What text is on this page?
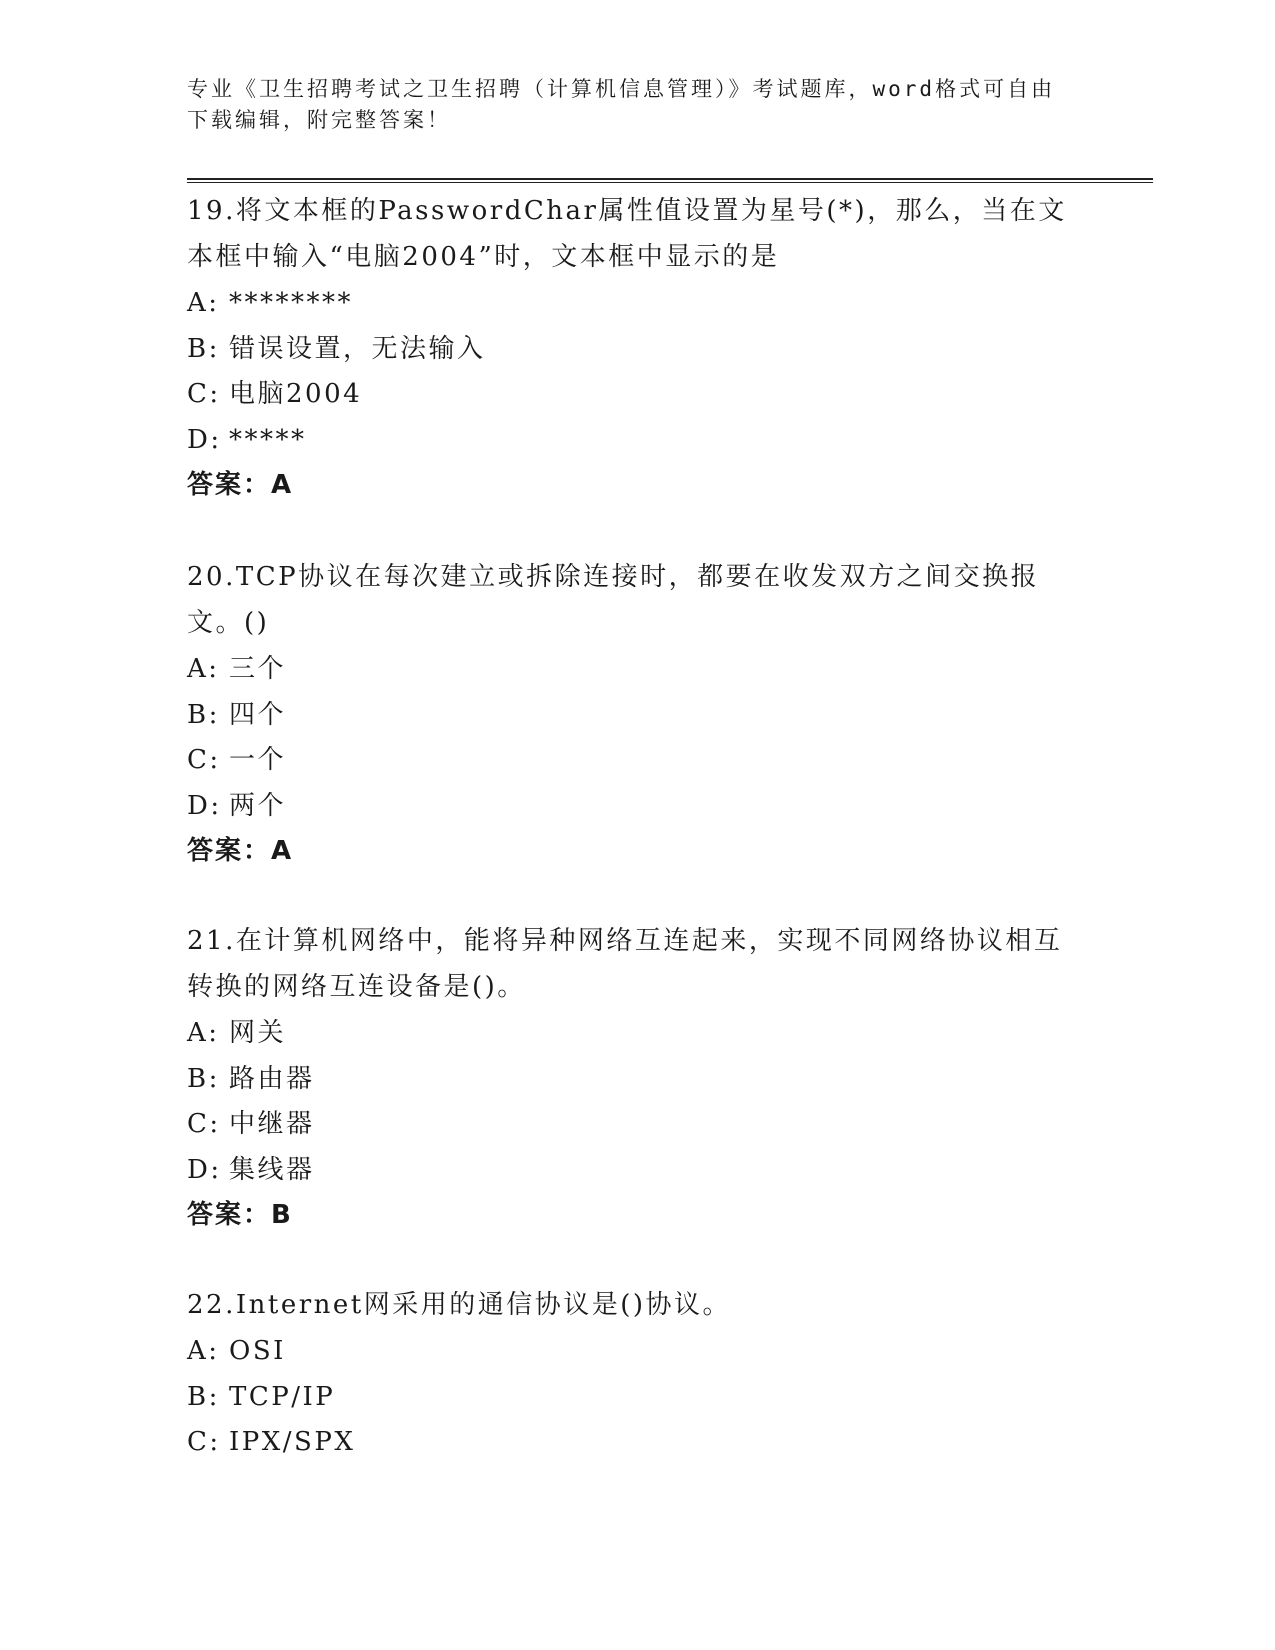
专业《卫生招聘考试之卫生招聘（计算机信息管理）》考试题库，word格式可自由下载编辑，附完整答案！

19.将文本框的PasswordChar属性值设置为星号(*)，那么，当在文本框中输入“电脑2004”时，文本框中显示的是

A: ********
B: 错误设置，无法输入
C: 电脑2004
D: *****
答案：A

20.TCP协议在每次建立或拆除连接时，都要在收发双方之间交换报文。()

A: 三个
B: 四个
C: 一个
D: 两个
答案：A

21.在计算机网络中，能将异种网络互连起来，实现不同网络协议相互转换的网络互连设备是()。

A: 网关
B: 路由器
C: 中继器
D: 集线器
答案：B

22.Internet网采用的通信协议是()协议。

A: OSI
B: TCP/IP
C: IPX/SPX
